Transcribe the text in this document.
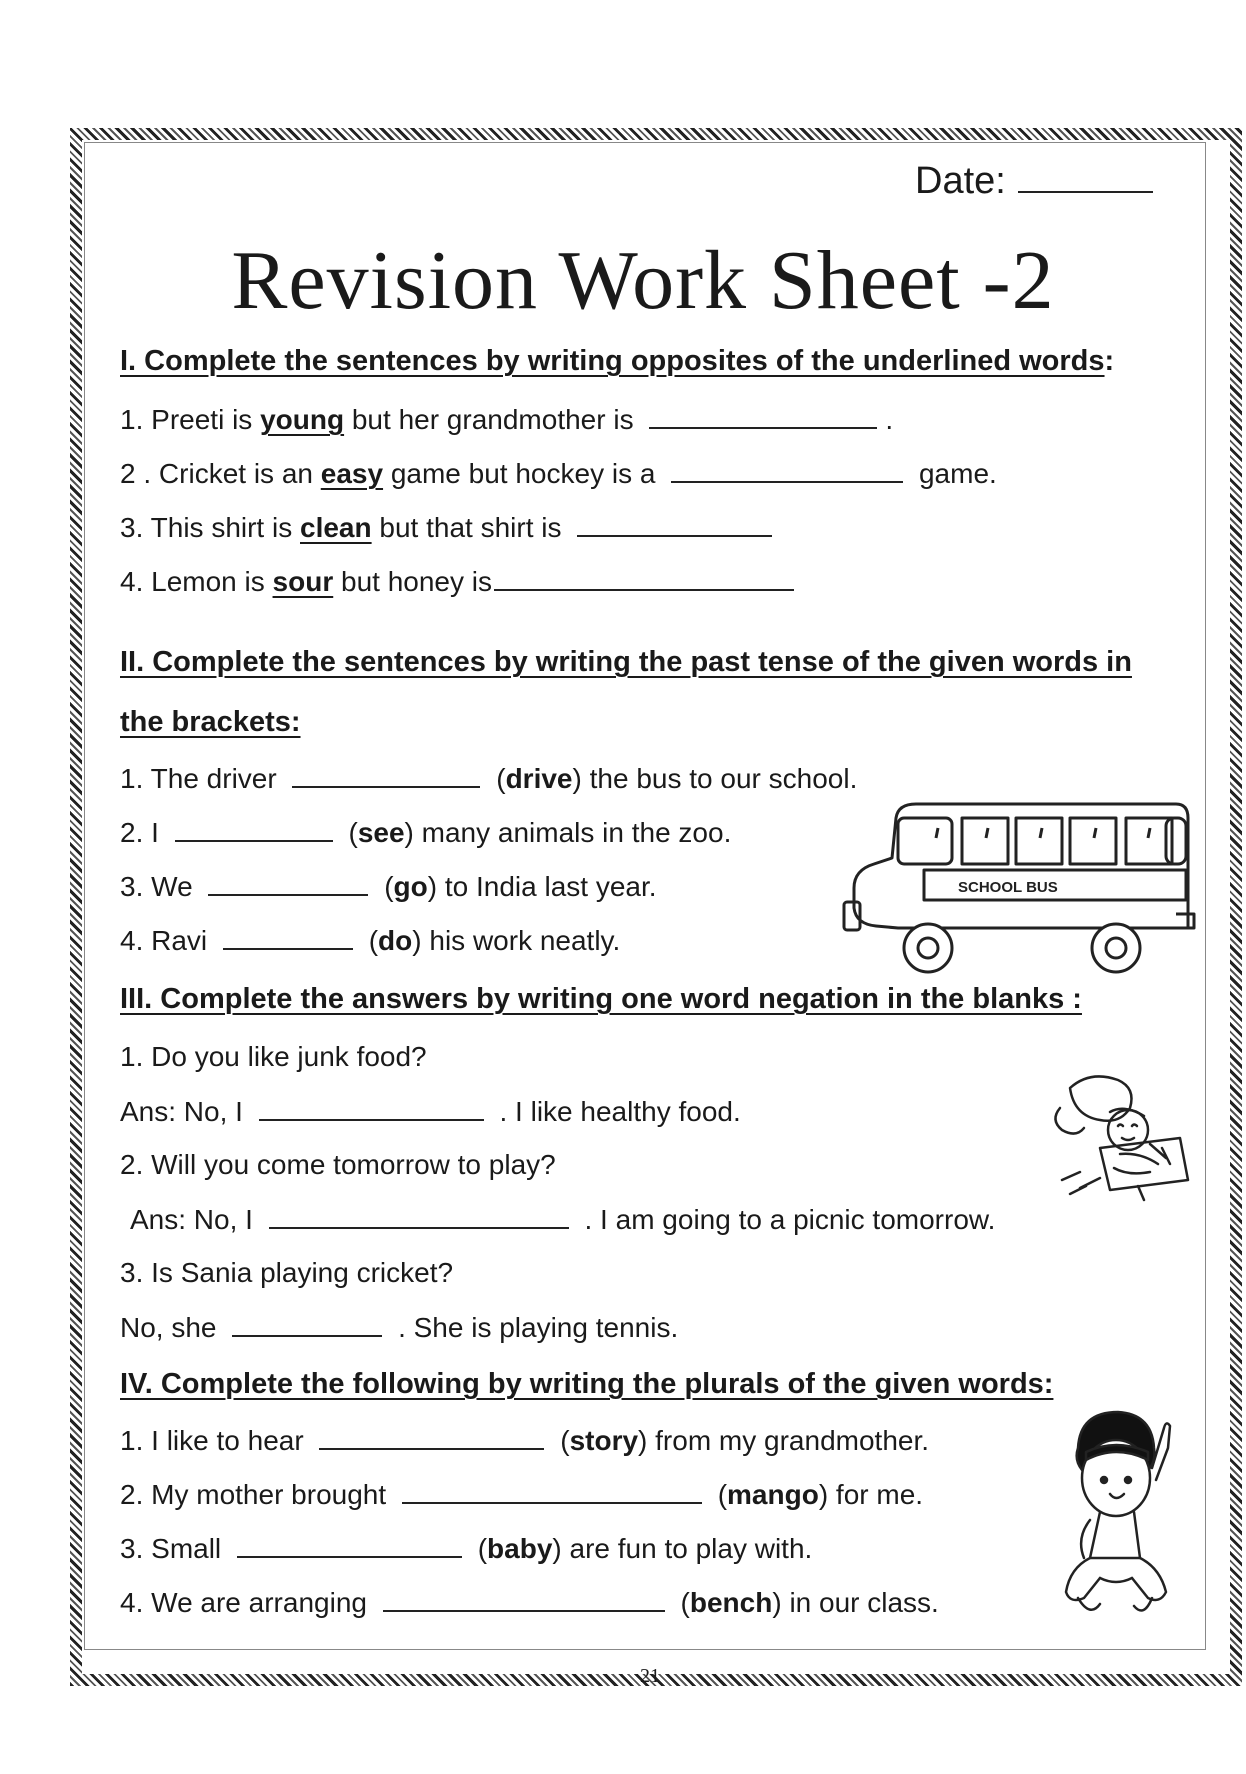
Date:
Revision Work Sheet -2
I. Complete the sentences by writing opposites of the underlined words:
1. Preeti is young but her grandmother is	.
2 . Cricket is an easy game but hockey is a	game.
3. This shirt is clean but that shirt is
4. Lemon is sour but honey is
II. Complete the sentences by writing the past tense of the given words in
the brackets:
1. The driver	(drive) the bus to our school.
2. I	(see) many animals in the zoo.
3. We	(go) to India last year.
4. Ravi	(do) his work neatly.
SCHOOL BUS
III. Complete the answers by writing one word negation in the blanks :
1. Do you like junk food?
Ans: No, I	. I like healthy food.
2. Will you come tomorrow to play?
Ans: No, I	. I am going to a picnic tomorrow.
3. Is Sania playing cricket?
No, she	. She is playing tennis.
IV. Complete the following by writing the plurals of the given words:
1. I like to hear	(story) from my grandmother.
2. My mother brought	(mango) for me.
3. Small	(baby) are fun to play with.
4. We are arranging	(bench) in our class.
21
